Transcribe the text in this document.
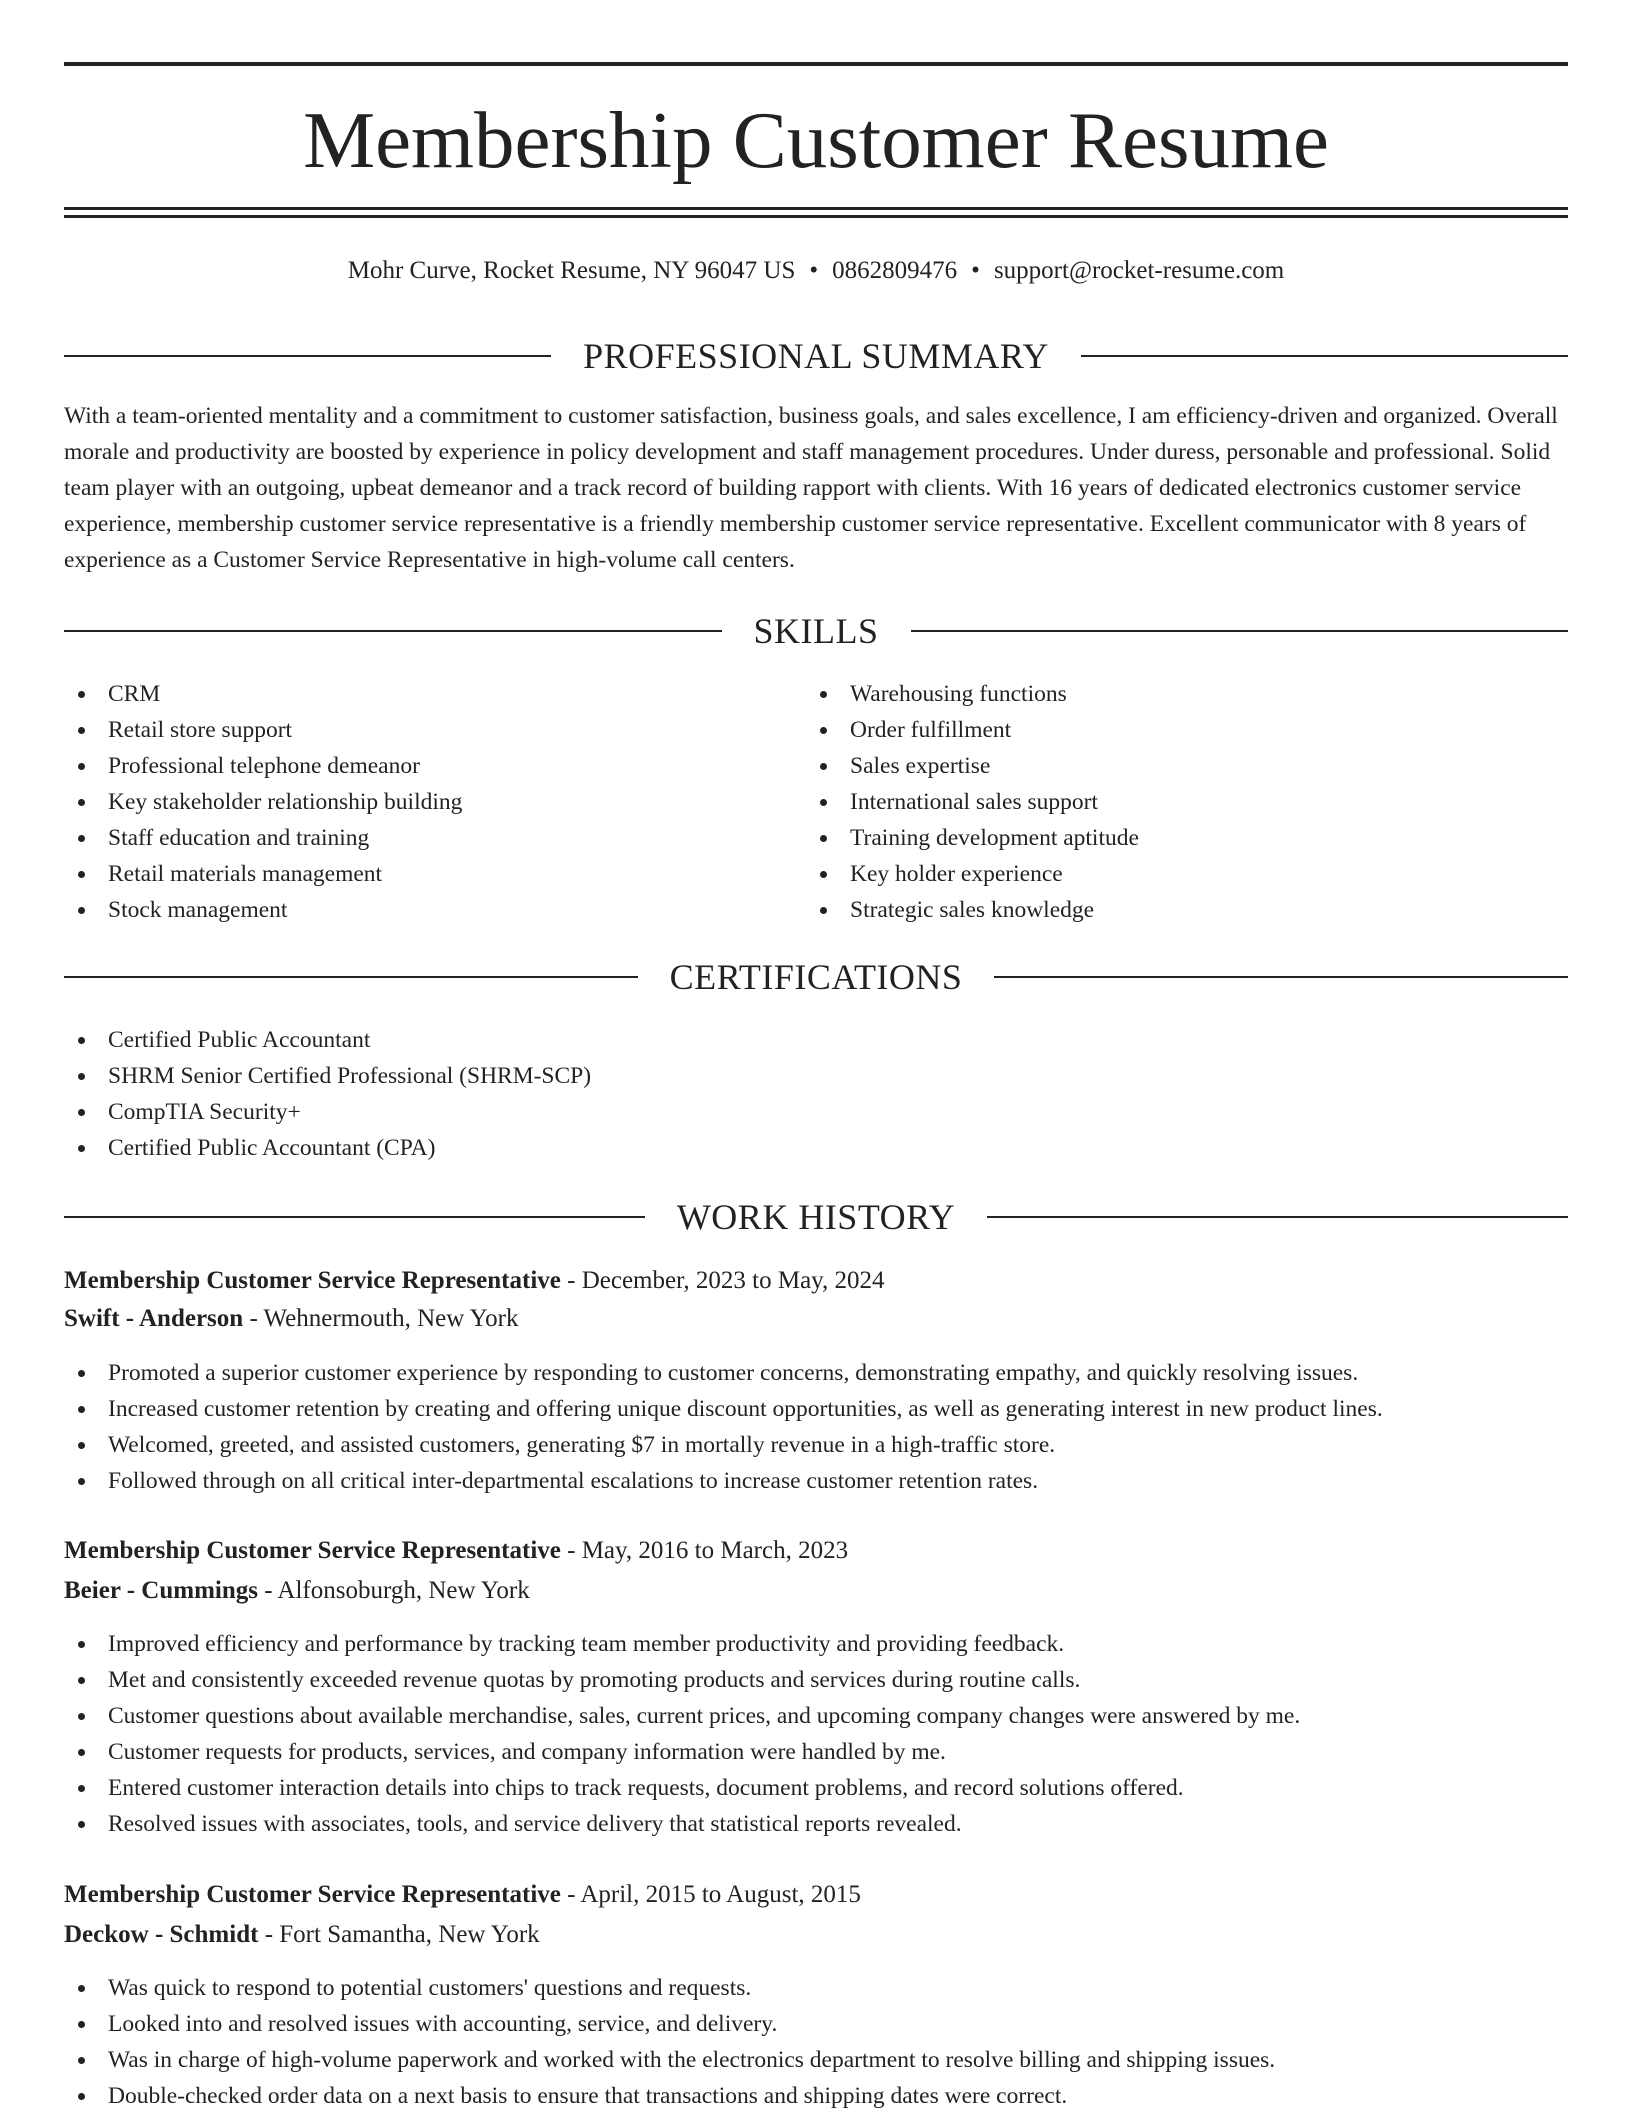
Membership Customer Resume
Mohr Curve, Rocket Resume, NY 96047 US • 0862809476 • support@rocket-resume.com
PROFESSIONAL SUMMARY

With a team-oriented mentality and a commitment to customer satisfaction, business goals, and sales excellence, I am efficiency-driven and organized. Overall morale and productivity are boosted by experience in policy development and staff management procedures. Under duress, personable and professional. Solid team player with an outgoing, upbeat demeanor and a track record of building rapport with clients. With 16 years of dedicated electronics customer service experience, membership customer service representative is a friendly membership customer service representative. Excellent communicator with 8 years of experience as a Customer Service Representative in high-volume call centers.

SKILLS
CRM
Retail store support
Professional telephone demeanor
Key stakeholder relationship building
Staff education and training
Retail materials management
Stock management
Warehousing functions
Order fulfillment
Sales expertise
International sales support
Training development aptitude
Key holder experience
Strategic sales knowledge
CERTIFICATIONS
Certified Public Accountant
SHRM Senior Certified Professional (SHRM-SCP)
CompTIA Security+
Certified Public Accountant (CPA)
WORK HISTORY
Membership Customer Service Representative - December, 2023 to May, 2024
Swift - Anderson - Wehnermouth, New York
Promoted a superior customer experience by responding to customer concerns, demonstrating empathy, and quickly resolving issues.
Increased customer retention by creating and offering unique discount opportunities, as well as generating interest in new product lines.
Welcomed, greeted, and assisted customers, generating $7 in mortally revenue in a high-traffic store.
Followed through on all critical inter-departmental escalations to increase customer retention rates.
Membership Customer Service Representative - May, 2016 to March, 2023
Beier - Cummings - Alfonsoburgh, New York
Improved efficiency and performance by tracking team member productivity and providing feedback.
Met and consistently exceeded revenue quotas by promoting products and services during routine calls.
Customer questions about available merchandise, sales, current prices, and upcoming company changes were answered by me.
Customer requests for products, services, and company information were handled by me.
Entered customer interaction details into chips to track requests, document problems, and record solutions offered.
Resolved issues with associates, tools, and service delivery that statistical reports revealed.
Membership Customer Service Representative - April, 2015 to August, 2015
Deckow - Schmidt - Fort Samantha, New York
Was quick to respond to potential customers' questions and requests.
Looked into and resolved issues with accounting, service, and delivery.
Was in charge of high-volume paperwork and worked with the electronics department to resolve billing and shipping issues.
Double-checked order data on a next basis to ensure that transactions and shipping dates were correct.
